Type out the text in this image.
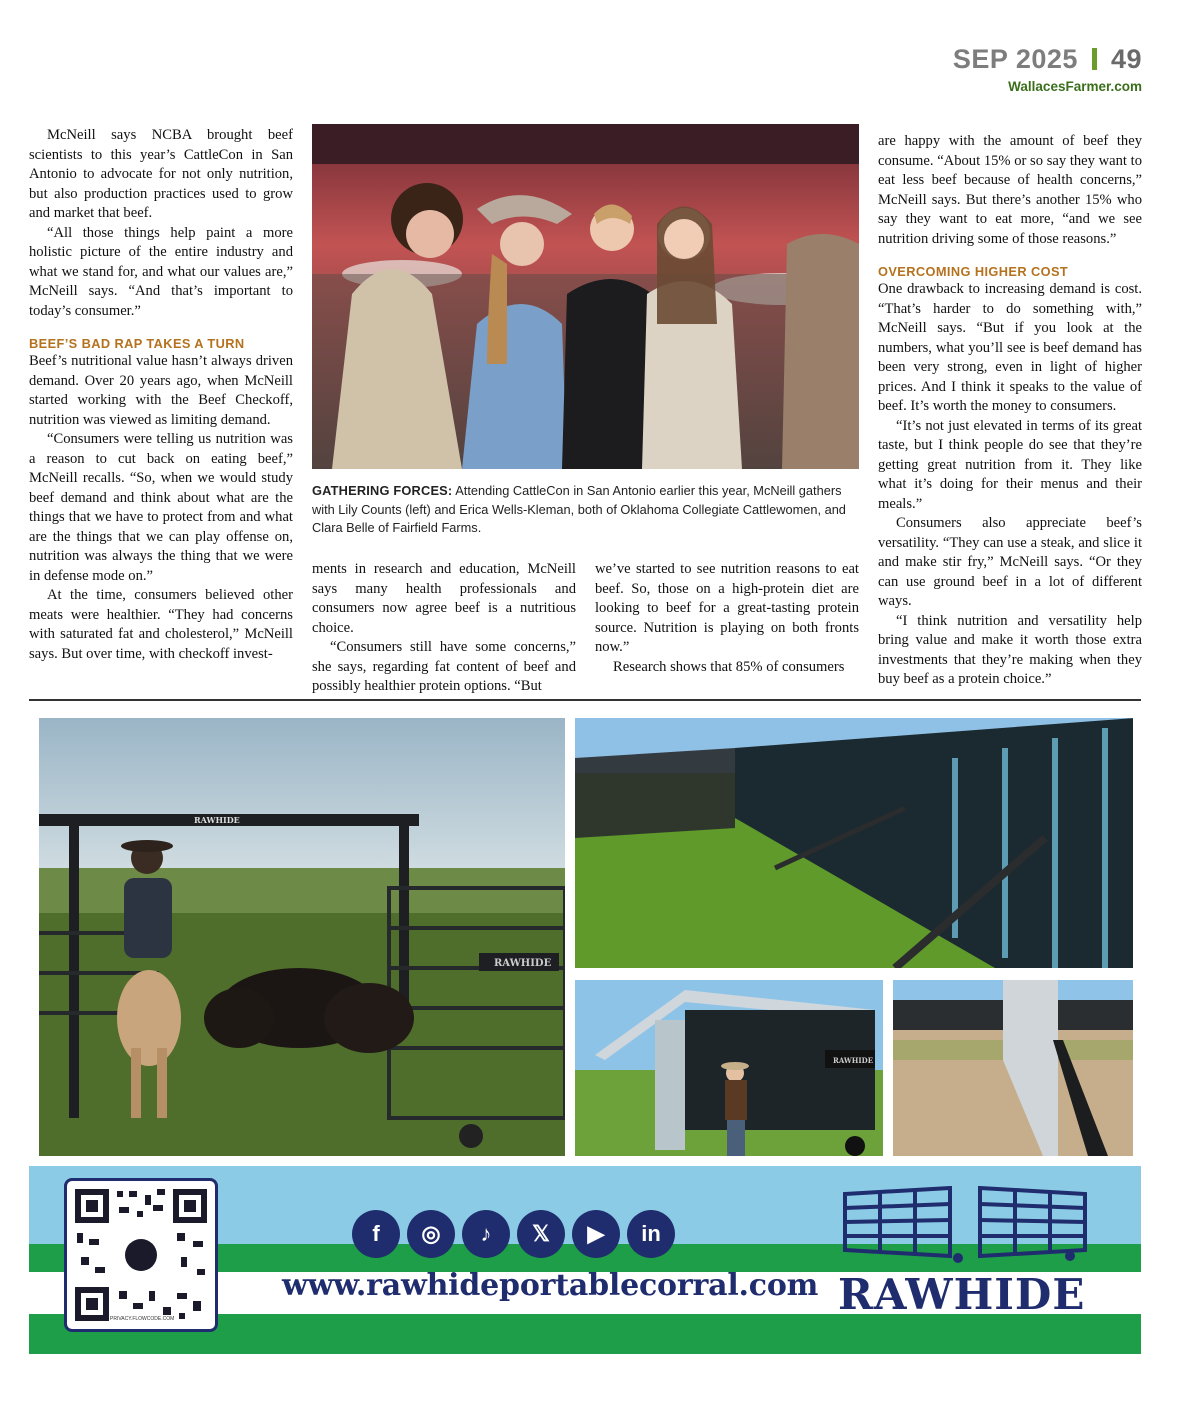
SEP 2025 49
WallacesFarmer.com

McNeill says NCBA brought beef scientists to this year’s CattleCon in San Antonio to advocate for not only nutrition, but also production practices used to grow and market that beef.

“All those things help paint a more holistic picture of the entire industry and what we stand for, and what our values are,” McNeill says. “And that’s important to today’s consumer.”

BEEF’S BAD RAP TAKES A TURN

Beef’s nutritional value hasn’t always driven demand. Over 20 years ago, when McNeill started working with the Beef Checkoff, nutrition was viewed as limiting demand.

“Consumers were telling us nutrition was a reason to cut back on eating beef,” McNeill recalls. “So, when we would study beef demand and think about what are the things that we have to protect from and what are the things that we can play offense on, nutrition was always the thing that we were in defense mode on.”

At the time, consumers believed other meats were healthier. “They had concerns with saturated fat and cholesterol,” McNeill says. But over time, with checkoff invest-

GATHERING FORCES: Attending CattleCon in San Antonio earlier this year, McNeill gathers with Lily Counts (left) and Erica Wells-Kleman, both of Oklahoma Collegiate Cattlewomen, and Clara Belle of Fairfield Farms.

ments in research and education, McNeill says many health professionals and consumers now agree beef is a nutritious choice.

“Consumers still have some concerns,” she says, regarding fat content of beef and possibly healthier protein options. “But

we’ve started to see nutrition reasons to eat beef. So, those on a high-protein diet are looking to beef for a great-tasting protein source. Nutrition is playing on both fronts now.”

Research shows that 85% of consumers

are happy with the amount of beef they consume. “About 15% or so say they want to eat less beef because of health concerns,” McNeill says. But there’s another 15% who say they want to eat more, “and we see nutrition driving some of those reasons.”

OVERCOMING HIGHER COST

One drawback to increasing demand is cost. “That’s harder to do something with,” McNeill says. “But if you look at the numbers, what you’ll see is beef demand has been very strong, even in light of higher prices. And I think it speaks to the value of beef. It’s worth the money to consumers.

“It’s not just elevated in terms of its great taste, but I think people do see that they’re getting great nutrition from it. They like what it’s doing for their menus and their meals.”

Consumers also appreciate beef’s versatility. “They can use a steak, and slice it and make stir fry,” McNeill says. “Or they can use ground beef in a lot of different ways.

“I think nutrition and versatility help bring value and make it worth those extra investments that they’re making when they buy beef as a protein choice.”

RAWHIDE
RAWHIDE
RAWHIDE
PRIVACY.FLOWCODE.COM
f	◎	♪	𝕏	▶	in
www.rawhideportablecorral.com RAWHIDE
